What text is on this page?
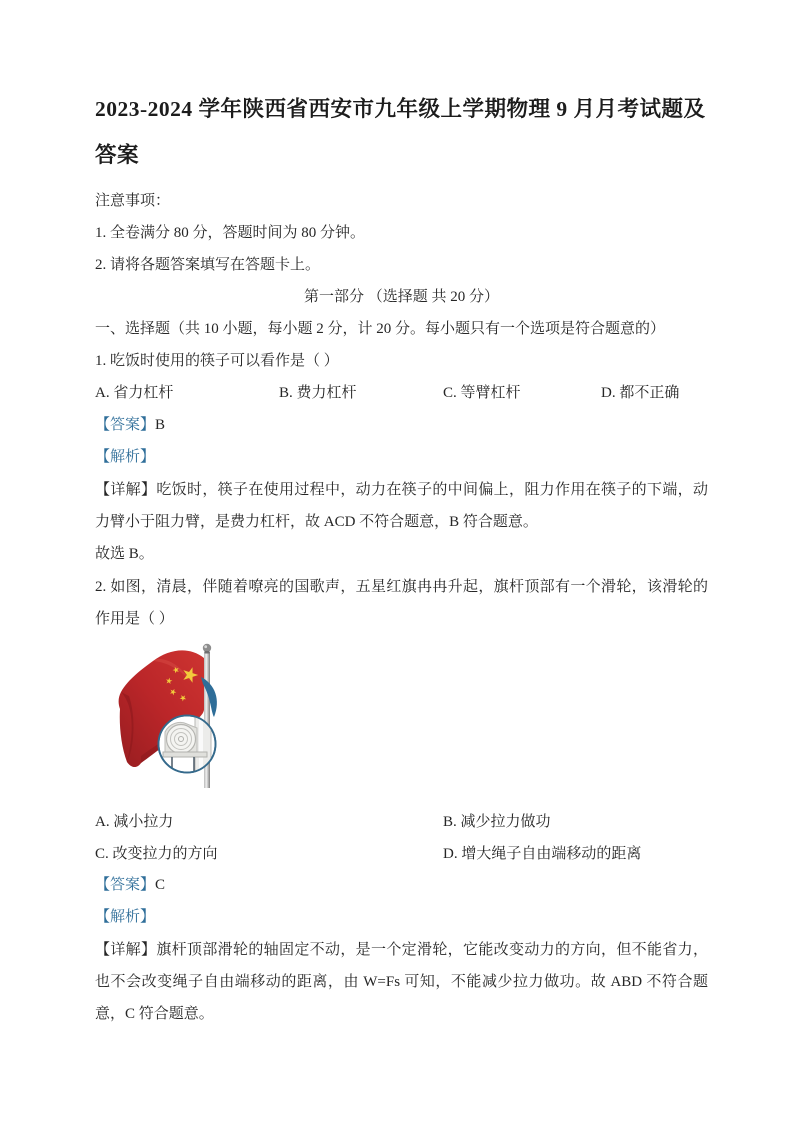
2023-2024 学年陕西省西安市九年级上学期物理 9 月月考试题及答案

注意事项：

1. 全卷满分 80 分，答题时间为 80 分钟。

2. 请将各题答案填写在答题卡上。

第一部分 （选择题 共 20 分）

一、选择题（共 10 小题，每小题 2 分，计 20 分。每小题只有一个选项是符合题意的）

1. 吃饭时使用的筷子可以看作是（ ）

A. 省力杠杆	B. 费力杠杆	C. 等臂杠杆	D. 都不正确

【答案】B

【解析】

【详解】吃饭时，筷子在使用过程中，动力在筷子的中间偏上，阻力作用在筷子的下端，动力臂小于阻力臂，是费力杠杆，故 ACD 不符合题意，B 符合题意。

故选 B。

2. 如图，清晨，伴随着嘹亮的国歌声，五星红旗冉冉升起，旗杆顶部有一个滑轮，该滑轮的作用是（ ）

A. 减小拉力	B. 减少拉力做功
C. 改变拉力的方向	D. 增大绳子自由端移动的距离

【答案】C

【解析】

【详解】旗杆顶部滑轮的轴固定不动，是一个定滑轮，它能改变动力的方向，但不能省力，也不会改变绳子自由端移动的距离，由 W=Fs 可知，不能减少拉力做功。故 ABD 不符合题意，C 符合题意。
